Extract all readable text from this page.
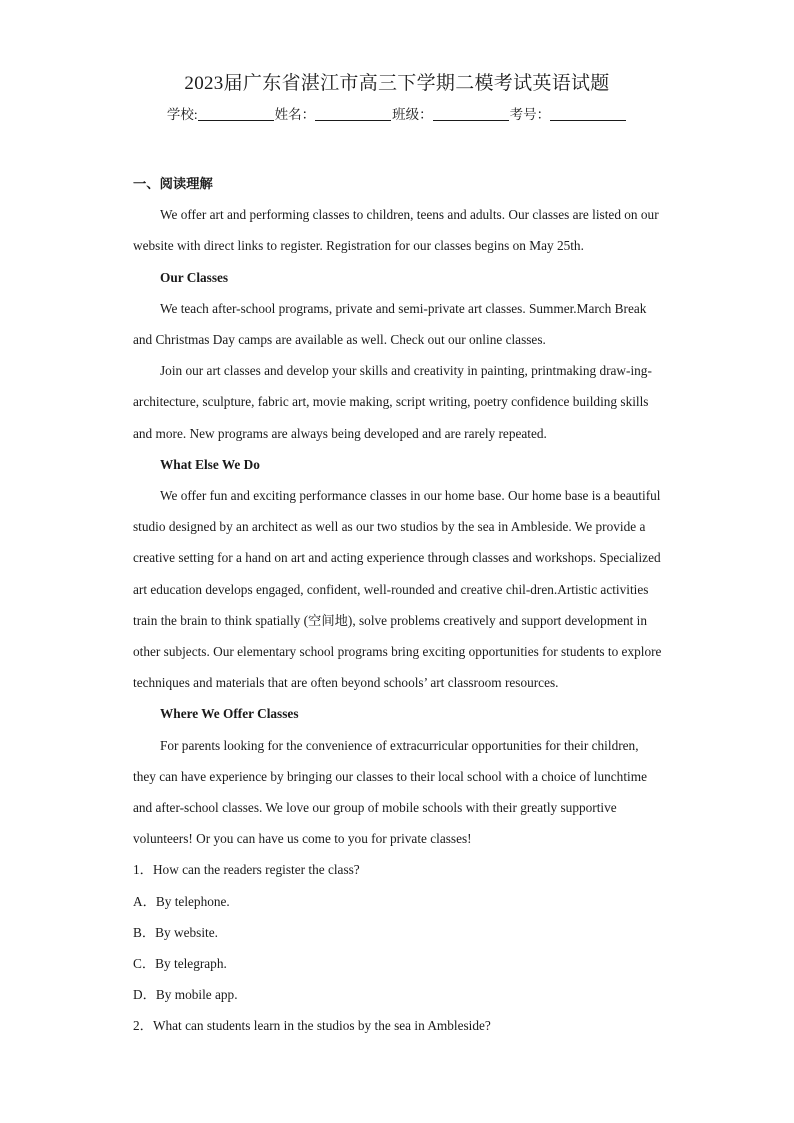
2023届广东省湛江市高三下学期二模考试英语试题
学校:	姓名：	班级：	考号：

一、阅读理解

We offer art and performing classes to children, teens and adults. Our classes are listed on our website with direct links to register. Registration for our classes begins on May 25th.

Our Classes

We teach after-school programs, private and semi-private art classes. Summer.March Break and Christmas Day camps are available as well. Check out our online classes.

Join our art classes and develop your skills and creativity in painting, printmaking draw-ing- architecture, sculpture, fabric art, movie making, script writing, poetry confidence building skills and more. New programs are always being developed and are rarely repeated.

What Else We Do

We offer fun and exciting performance classes in our home base. Our home base is a beautiful studio designed by an architect as well as our two studios by the sea in Ambleside. We provide a creative setting for a hand on art and acting experience through classes and workshops. Specialized art education develops engaged, confident, well-rounded and creative chil-dren.Artistic activities train the brain to think spatially (空间地), solve problems creatively and support development in other subjects. Our elementary school programs bring exciting opportunities for students to explore techniques and materials that are often beyond schools’ art classroom resources.

Where We Offer Classes

For parents looking for the convenience of extracurricular opportunities for their children, they can have experience by bringing our classes to their local school with a choice of lunchtime and after-school classes. We love our group of mobile schools with their greatly supportive volunteers! Or you can have us come to you for private classes!

1．How can the readers register the class?

A．By telephone.

B．By website.

C．By telegraph.

D．By mobile app.

2．What can students learn in the studios by the sea in Ambleside?
